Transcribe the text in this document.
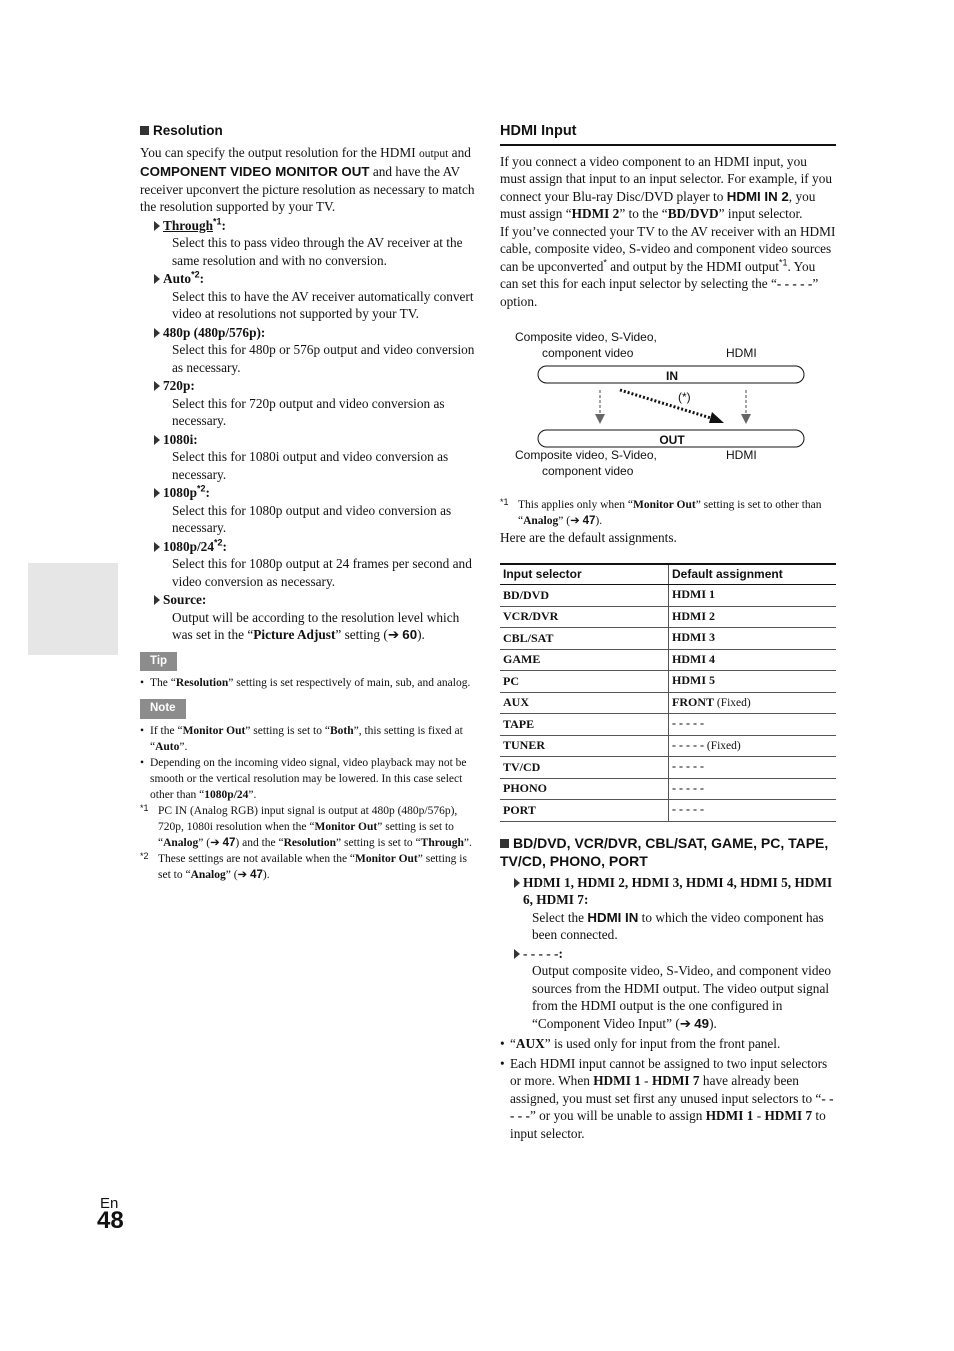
Resolution

You can specify the output resolution for the HDMI output and COMPONENT VIDEO MONITOR OUT and have the AV receiver upconvert the picture resolution as necessary to match the resolution supported by your TV.

Through$^{*1}$:
Select this to pass video through the AV receiver at the same resolution and with no conversion.
Auto$^{*2}$:
Select this to have the AV receiver automatically convert video at resolutions not supported by your TV.
480p (480p/576p):
Select this for 480p or 576p output and video conversion as necessary.
720p:
Select this for 720p output and video conversion as necessary.
1080i:
Select this for 1080i output and video conversion as necessary.
$1080p^{*2}$:
Select this for 1080p output and video conversion as necessary.
1080p/24$^{*2}$:
Select this for 1080p output at 24 frames per second and video conversion as necessary.
Source:
Output will be according to the resolution level which was set in the “Picture Adjust” setting (➔ 60).
Tip
• The “Resolution” setting is set respectively of main, sub, and analog.
Note
• If the “Monitor Out” setting is set to “Both”, this setting is fixed at “Auto”.
• Depending on the incoming video signal, video playback may not be smooth or the vertical resolution may be lowered. In this case select other than “1080p/24”.
*1 PC IN (Analog RGB) input signal is output at 480p (480p/576p), 720p, 1080i resolution when the “Monitor Out” setting is set to “Analog” (➔ 47) and the “Resolution” setting is set to “Through”.
*2 These settings are not available when the “Monitor Out” setting is set to “Analog” (➔ 47).
HDMI Input

If you connect a video component to an HDMI input, you must assign that input to an input selector. For example, if you connect your Blu-ray Disc/DVD player to HDMI IN 2, you must assign “HDMI 2” to the “BD/DVD” input selector.

If you’ve connected your TV to the AV receiver with an HDMI cable, composite video, S-video and component video sources can be upconverted* and output by the HDMI output$^{*1}$. You can set this for each input selector by selecting the “- - - - -” option.

Composite video, S-Video,
component video	HDMI
IN
(*)
OUT
Composite video, S-Video,	HDMI
component video
*1 This applies only when “Monitor Out” setting is set to other than “Analog” (➔ 47).

Here are the default assignments.

Input selector	Default assignment
BD/DVD	HDMI 1
VCR/DVR	HDMI 2
CBL/SAT	HDMI 3
GAME	HDMI 4
PC	HDMI 5
AUX	FRONT (Fixed)
TAPE	- - - - -
TUNER	- - - - - (Fixed)
TV/CD	- - - - -
PHONO	- - - - -
PORT	- - - - -
BD/DVD, VCR/DVR, CBL/SAT, GAME, PC, TAPE, TV/CD, PHONO, PORT
HDMI 1, HDMI 2, HDMI 3, HDMI 4, HDMI 5, HDMI 6, HDMI 7:
Select the HDMI IN to which the video component has been connected.
- - - - -:
Output composite video, S-Video, and component video sources from the HDMI output. The video output signal from the HDMI output is the one configured in “Component Video Input” (➔ 49).
• “AUX” is used only for input from the front panel.
• Each HDMI input cannot be assigned to two input selectors or more. When HDMI 1 - HDMI 7 have already been assigned, you must set first any unused input selectors to “- - - - -” or you will be unable to assign HDMI 1 - HDMI 7 to input selector.
En
48
